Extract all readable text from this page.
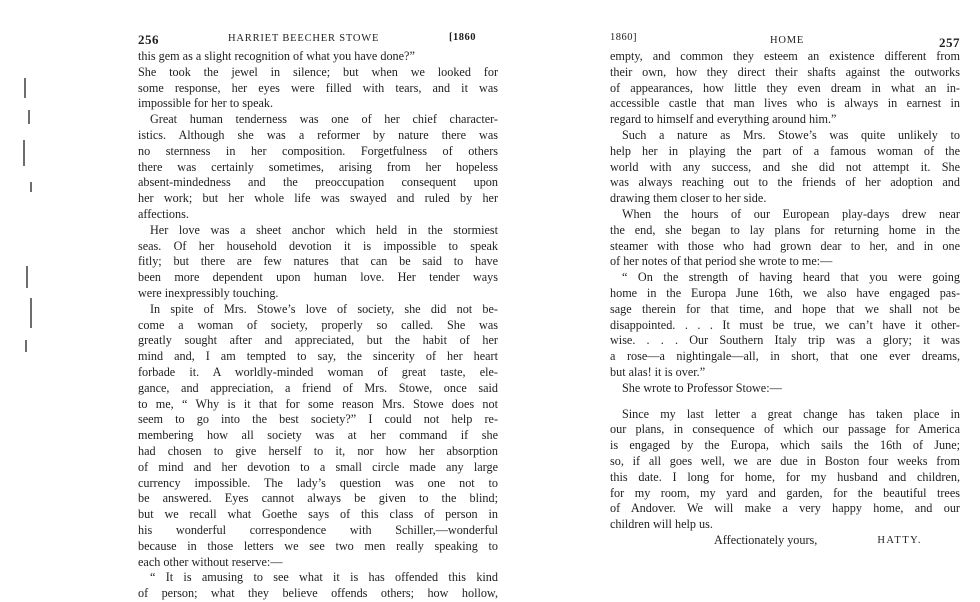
256	HARRIET BEECHER STOWE	[1860
this gem as a slight recognition of what you have done?”
She took the jewel in silence; but when we looked for
some response, her eyes were filled with tears, and it was
impossible for her to speak.
Great human tenderness was one of her chief character-
istics. Although she was a reformer by nature there was
no sternness in her composition. Forgetfulness of others
there was certainly sometimes, arising from her hopeless
absent-mindedness and the preoccupation consequent upon
her work; but her whole life was swayed and ruled by her
affections.
Her love was a sheet anchor which held in the stormiest
seas. Of her household devotion it is impossible to speak
fitly; but there are few natures that can be said to have
been more dependent upon human love. Her tender ways
were inexpressibly touching.
In spite of Mrs. Stowe’s love of society, she did not be-
come a woman of society, properly so called. She was
greatly sought after and appreciated, but the habit of her
mind and, I am tempted to say, the sincerity of her heart
forbade it. A worldly-minded woman of great taste, ele-
gance, and appreciation, a friend of Mrs. Stowe, once said
to me, “ Why is it that for some reason Mrs. Stowe does not
seem to go into the best society?” I could not help re-
membering how all society was at her command if she
had chosen to give herself to it, nor how her absorption
of mind and her devotion to a small circle made any large
currency impossible. The lady’s question was one not to
be answered. Eyes cannot always be given to the blind;
but we recall what Goethe says of this class of person in
his wonderful correspondence with Schiller,—wonderful
because in those letters we see two men really speaking to
each other without reserve:—
“ It is amusing to see what it is has offended this kind
of person; what they believe offends others; how hollow,
1860]	HOME	257
empty, and common they esteem an existence different from
their own, how they direct their shafts against the outworks
of appearances, how little they even dream in what an in-
accessible castle that man lives who is always in earnest in
regard to himself and everything around him.”
Such a nature as Mrs. Stowe’s was quite unlikely to
help her in playing the part of a famous woman of the
world with any success, and she did not attempt it. She
was always reaching out to the friends of her adoption and
drawing them closer to her side.
When the hours of our European play-days drew near
the end, she began to lay plans for returning home in the
steamer with those who had grown dear to her, and in one
of her notes of that period she wrote to me:—
“ On the strength of having heard that you were going
home in the Europa June 16th, we also have engaged pas-
sage therein for that time, and hope that we shall not be
disappointed. . . . It must be true, we can’t have it other-
wise. . . . Our Southern Italy trip was a glory; it was
a rose—a nightingale—all, in short, that one ever dreams,
but alas! it is over.”
She wrote to Professor Stowe:—
Since my last letter a great change has taken place in
our plans, in consequence of which our passage for America
is engaged by the Europa, which sails the 16th of June;
so, if all goes well, we are due in Boston four weeks from
this date. I long for home, for my husband and children,
for my room, my yard and garden, for the beautiful trees
of Andover. We will make a very happy home, and our
children will help us.
Affectionately yours,	HATTY.
